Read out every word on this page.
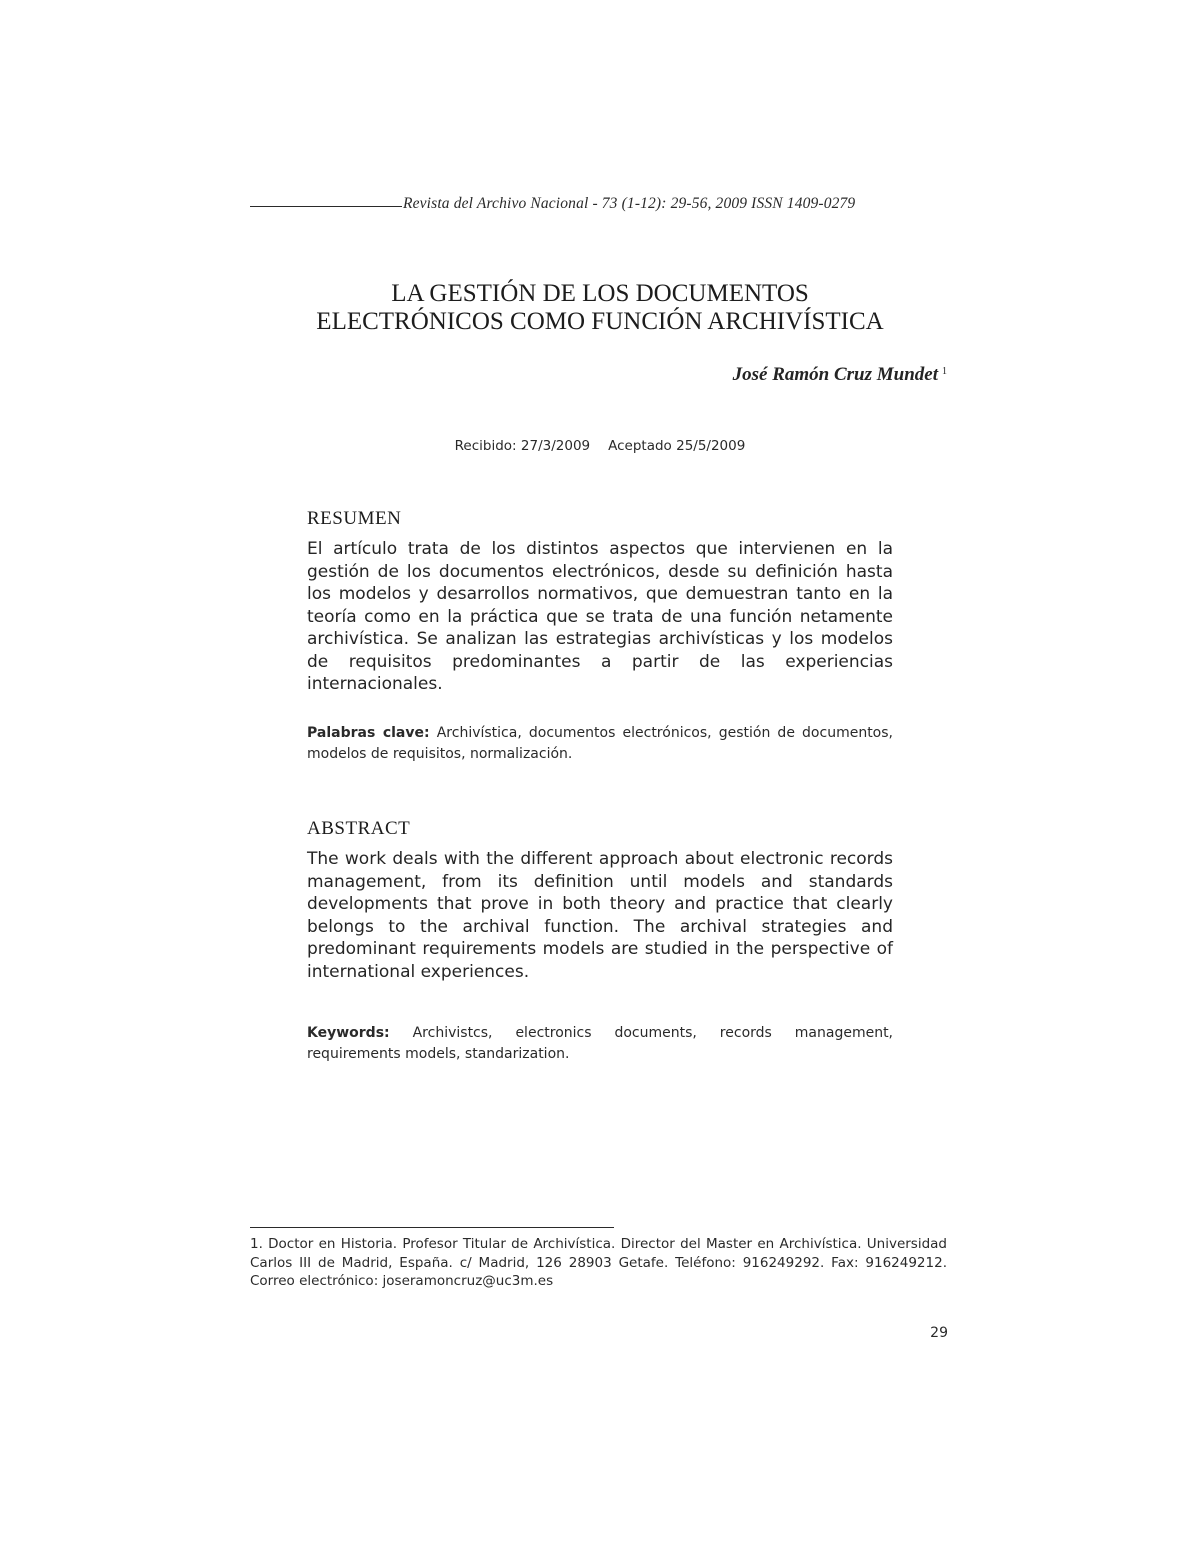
Revista del Archivo Nacional - 73 (1-12): 29-56, 2009 ISSN 1409-0279
LA GESTIÓN DE LOS DOCUMENTOS
ELECTRÓNICOS COMO FUNCIÓN ARCHIVÍSTICA
José Ramón Cruz Mundet $^1$
Recibido: 27/3/2009 Aceptado 25/5/2009
RESUMEN

El artículo trata de los distintos aspectos que intervienen en la gestión de los documentos electrónicos, desde su definición hasta los modelos y desarrollos normativos, que demuestran tanto en la teoría como en la práctica que se trata de una función netamente archivística. Se analizan las estrategias archivísticas y los modelos de requisitos predominantes a partir de las experiencias internacionales.

Palabras clave: Archivística, documentos electrónicos, gestión de documentos, modelos de requisitos, normalización.
ABSTRACT

The work deals with the different approach about electronic records management, from its definition until models and standards developments that prove in both theory and practice that clearly belongs to the archival function. The archival strategies and predominant requirements models are studied in the perspective of international experiences.

Keywords: Archivistcs, electronics documents, records management, requirements models, standarization.
1. Doctor en Historia. Profesor Titular de Archivística. Director del Master en Archivística. Universidad Carlos III de Madrid, España. c/ Madrid, 126 28903 Getafe. Teléfono: 916249292. Fax: 916249212. Correo electrónico: joseramoncruz@uc3m.es
29
